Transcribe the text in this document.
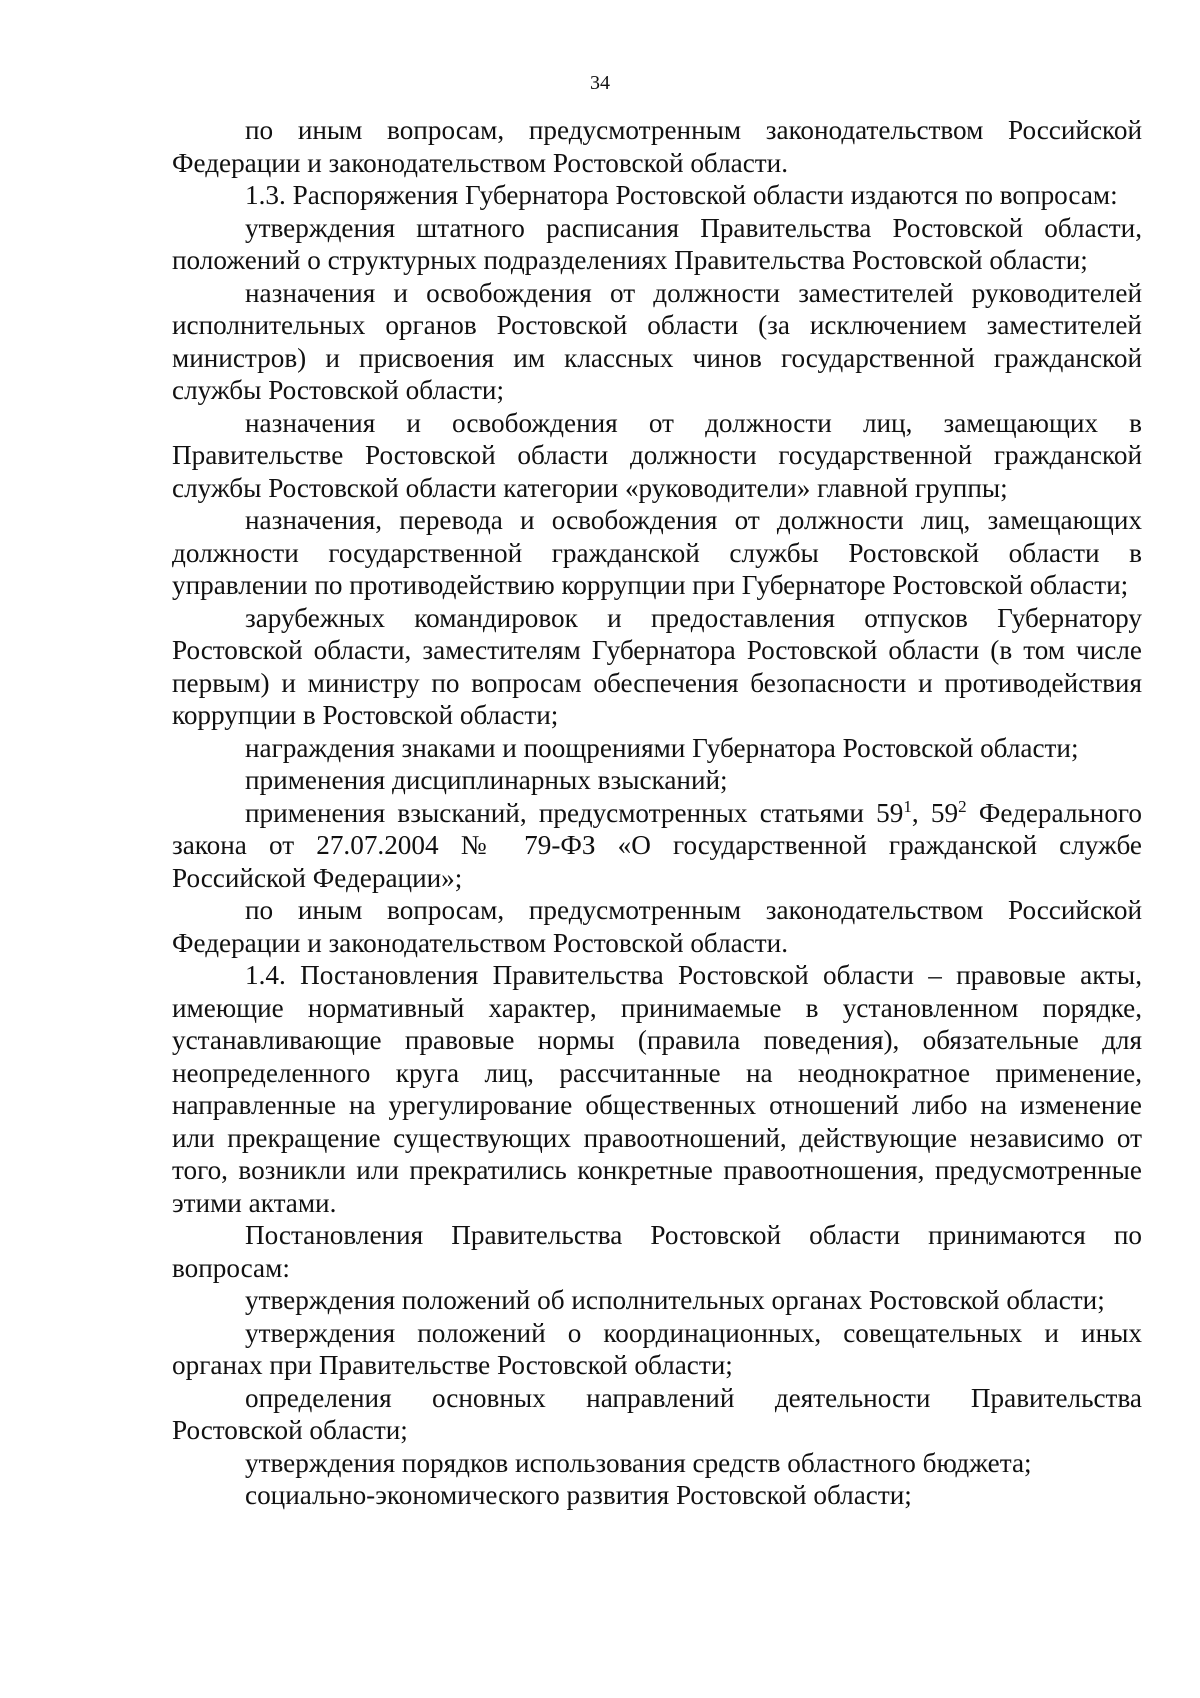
34

по иным вопросам, предусмотренным законодательством Российской Федерации и законодательством Ростовской области.

1.3. Распоряжения Губернатора Ростовской области издаются по вопросам:

утверждения штатного расписания Правительства Ростовской области, положений о структурных подразделениях Правительства Ростовской области;

назначения и освобождения от должности заместителей руководителей исполнительных органов Ростовской области (за исключением заместителей министров) и присвоения им классных чинов государственной гражданской службы Ростовской области;

назначения и освобождения от должности лиц, замещающих в Правительстве Ростовской области должности государственной гражданской службы Ростовской области категории «руководители» главной группы;

назначения, перевода и освобождения от должности лиц, замещающих должности государственной гражданской службы Ростовской области в управлении по противодействию коррупции при Губернаторе Ростовской области;

зарубежных командировок и предоставления отпусков Губернатору Ростовской области, заместителям Губернатора Ростовской области (в том числе первым) и министру по вопросам обеспечения безопасности и противодействия коррупции в Ростовской области;

награждения знаками и поощрениями Губернатора Ростовской области;

применения дисциплинарных взысканий;

применения взысканий, предусмотренных статьями $59^1$, $59^2$ Федерального закона от 27.07.2004 № 79-ФЗ «О государственной гражданской службе Российской Федерации»;

по иным вопросам, предусмотренным законодательством Российской Федерации и законодательством Ростовской области.

1.4. Постановления Правительства Ростовской области – правовые акты, имеющие нормативный характер, принимаемые в установленном порядке, устанавливающие правовые нормы (правила поведения), обязательные для неопределенного круга лиц, рассчитанные на неоднократное применение, направленные на урегулирование общественных отношений либо на изменение или прекращение существующих правоотношений, действующие независимо от того, возникли или прекратились конкретные правоотношения, предусмотренные этими актами.

Постановления Правительства Ростовской области принимаются по вопросам:

утверждения положений об исполнительных органах Ростовской области;

утверждения положений о координационных, совещательных и иных органах при Правительстве Ростовской области;

определения основных направлений деятельности Правительства Ростовской области;

утверждения порядков использования средств областного бюджета;

социально-экономического развития Ростовской области;
